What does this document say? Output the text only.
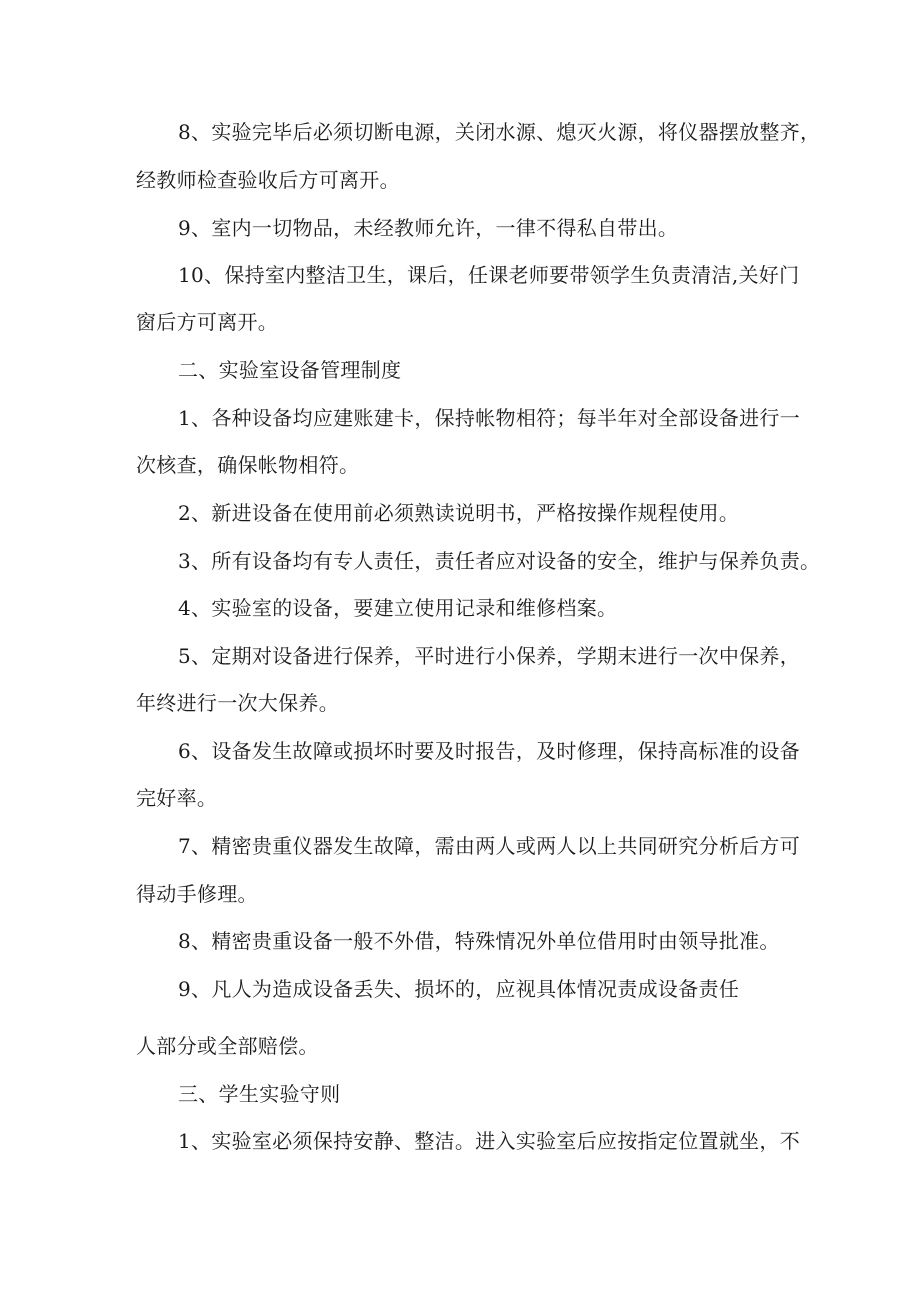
8、实验完毕后必须切断电源，关闭水源、熄灭火源，将仪器摆放整齐，

经教师检查验收后方可离开。

9、室内一切物品，未经教师允许，一律不得私自带出。

10、保持室内整洁卫生，课后，任课老师要带领学生负责清洁,关好门

窗后方可离开。

二、实验室设备管理制度

1、各种设备均应建账建卡，保持帐物相符；每半年对全部设备进行一

次核查，确保帐物相符。

2、新进设备在使用前必须熟读说明书，严格按操作规程使用。

3、所有设备均有专人责任，责任者应对设备的安全，维护与保养负责。

4、实验室的设备，要建立使用记录和维修档案。

5、定期对设备进行保养，平时进行小保养，学期末进行一次中保养，

年终进行一次大保养。

6、设备发生故障或损坏时要及时报告，及时修理，保持高标准的设备

完好率。

7、精密贵重仪器发生故障，需由两人或两人以上共同研究分析后方可

得动手修理。

8、精密贵重设备一般不外借，特殊情况外单位借用时由领导批准。

9、凡人为造成设备丢失、损坏的，应视具体情况责成设备责任

人部分或全部赔偿。

三、学生实验守则

1、实验室必须保持安静、整洁。进入实验室后应按指定位置就坐，不
